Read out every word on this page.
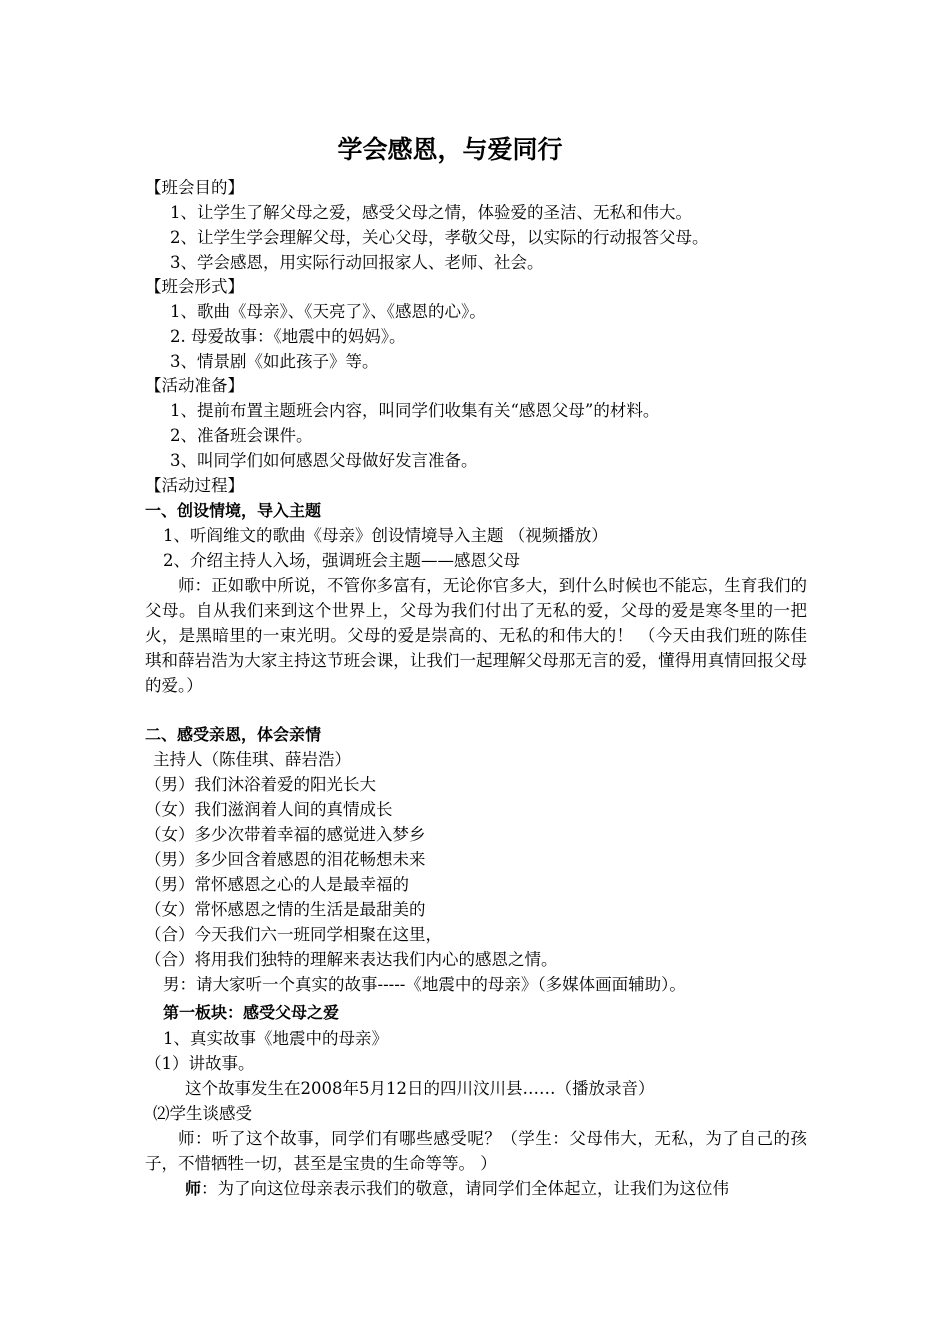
学会感恩，与爱同行
【班会目的】
1、让学生了解父母之爱，感受父母之情，体验爱的圣洁、无私和伟大。
2、让学生学会理解父母，关心父母，孝敬父母，以实际的行动报答父母。
3、学会感恩，用实际行动回报家人、老师、社会。
【班会形式】
1、歌曲《母亲》、《天亮了》、《感恩的心》。
2. 母爱故事：《地震中的妈妈》。
3、情景剧《如此孩子》等。
【活动准备】
1、提前布置主题班会内容，叫同学们收集有关“感恩父母”的材料。
2、准备班会课件。
3、叫同学们如何感恩父母做好发言准备。
【活动过程】
一、创设情境，导入主题
1、听阎维文的歌曲《母亲》创设情境导入主题 （视频播放）
2、介绍主持人入场，强调班会主题——感恩父母
师：正如歌中所说，不管你多富有，无论你官多大，到什么时候也不能忘，生育我们的父母。自从我们来到这个世界上，父母为我们付出了无私的爱，父母的爱是寒冬里的一把火，是黑暗里的一束光明。父母的爱是崇高的、无私的和伟大的！ （今天由我们班的陈佳琪和薛岩浩为大家主持这节班会课，让我们一起理解父母那无言的爱，懂得用真情回报父母的爱。）
二、感受亲恩，体会亲情
主持人（陈佳琪、薛岩浩）
（男）我们沐浴着爱的阳光长大
（女）我们滋润着人间的真情成长
（女）多少次带着幸福的感觉进入梦乡
（男）多少回含着感恩的泪花畅想未来
（男）常怀感恩之心的人是最幸福的
（女）常怀感恩之情的生活是最甜美的
（合）今天我们六一班同学相聚在这里，
（合）将用我们独特的理解来表达我们内心的感恩之情。
男：请大家听一个真实的故事-----《地震中的母亲》（多媒体画面辅助）。
第一板块：感受父母之爱
1、真实故事《地震中的母亲》
（1）讲故事。
这个故事发生在2008年5月12日的四川汶川县……（播放录音）
⑵学生谈感受
师：听了这个故事，同学们有哪些感受呢？（学生：父母伟大，无私，为了自己的孩子，不惜牺牲一切，甚至是宝贵的生命等等。 ）
师：为了向这位母亲表示我们的敬意，请同学们全体起立，让我们为这位伟
